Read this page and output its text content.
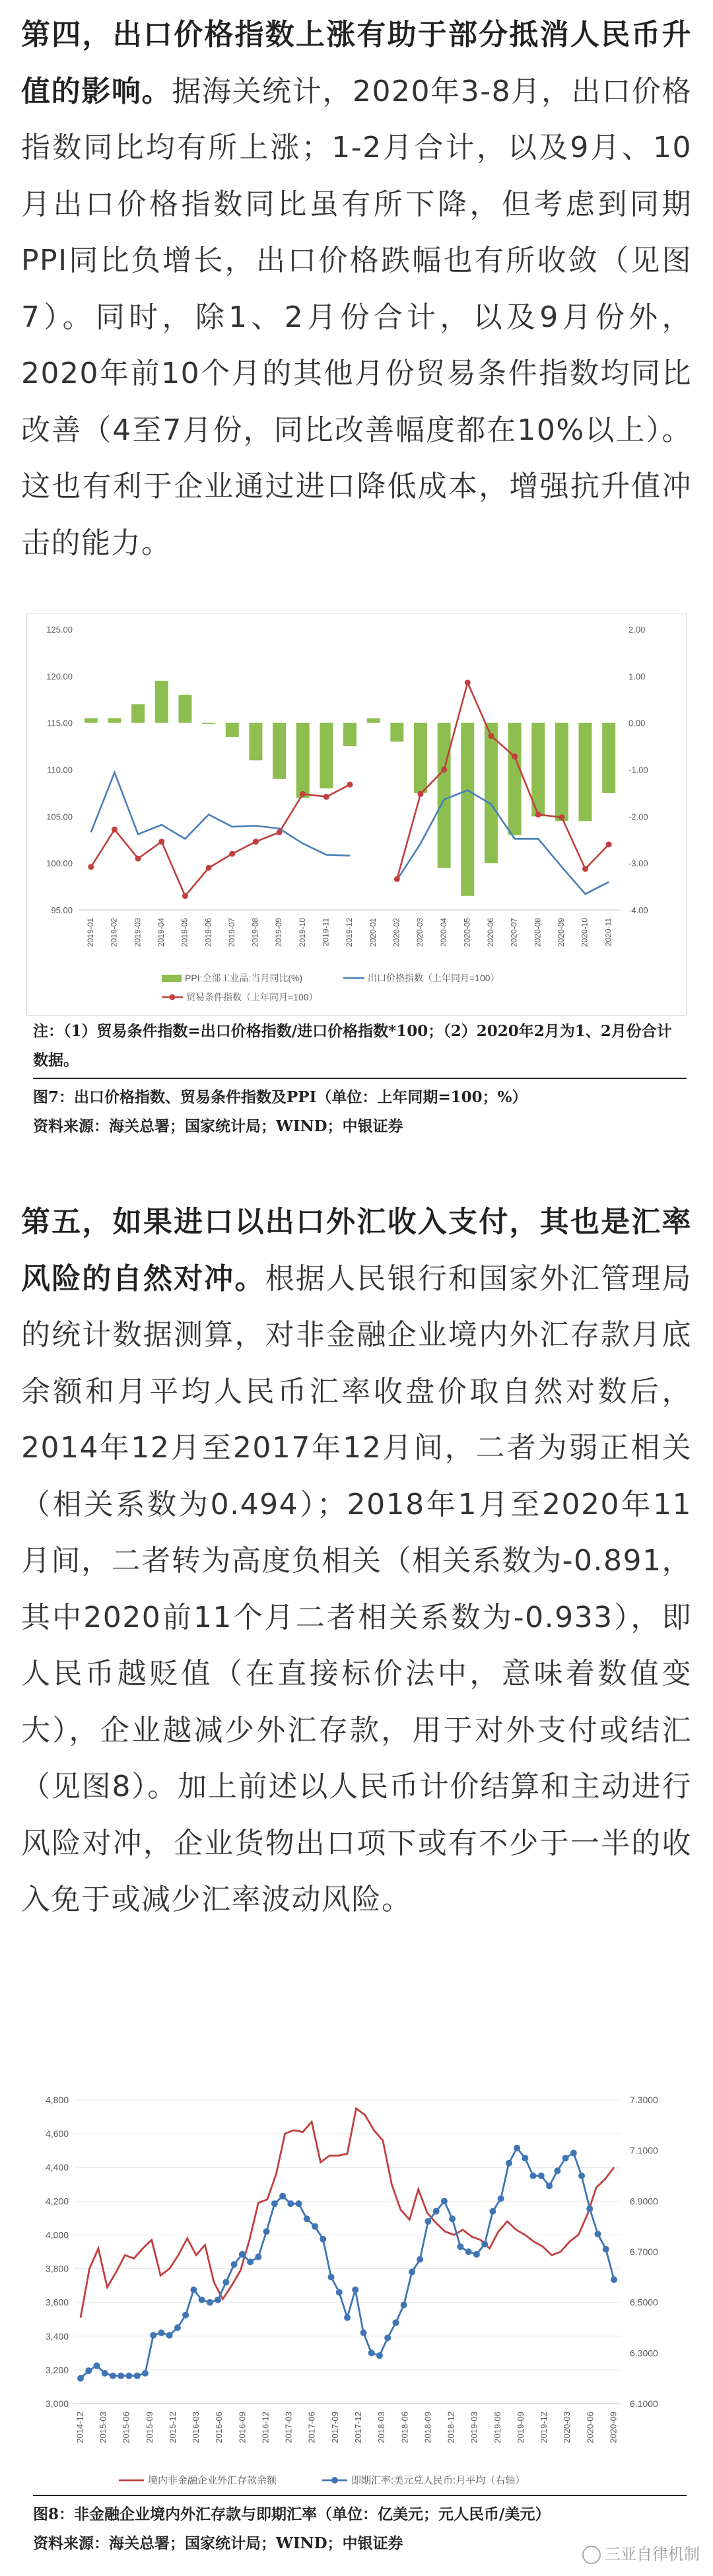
第四，出口价格指数上涨有助于部分抵消人民币升值的影响。据海关统计，2020年3-8月，出口价格指数同比均有所上涨；1-2月合计，以及9月、10月出口价格指数同比虽有所下降，但考虑到同期PPI同比负增长，出口价格跌幅也有所收敛（见图7）。同时，除1、2月份合计，以及9月份外，2020年前10个月的其他月份贸易条件指数均同比改善（4至7月份，同比改善幅度都在10%以上）。这也有利于企业通过进口降低成本，增强抗升值冲击的能力。

125.00
120.00
115.00
110.00
105.00
100.00
95.00
2.00
1.00
0.00
-1.00
-2.00
-3.00
-4.00
2019-01 2019-02 2019-03 2019-04 2019-05 2019-06 2019-07 2019-08 2019-09 2019-10 2019-11 2019-12 2020-01 2020-02 2020-03 2020-04 2020-05 2020-06 2020-07 2020-08 2020-09 2020-10 2020-11
PPI:全部工业品:当月同比(%)	出口价格指数（上年同月=100）
贸易条件指数（上年同月=100）

注：（1）贸易条件指数=出口价格指数/进口价格指数*100；（2）2020年2月为1、2月份合计数据。

图7：出口价格指数、贸易条件指数及PPI（单位：上年同期=100；%）

资料来源：海关总署；国家统计局；WIND；中银证券

第五，如果进口以出口外汇收入支付，其也是汇率风险的自然对冲。根据人民银行和国家外汇管理局的统计数据测算，对非金融企业境内外汇存款月底余额和月平均人民币汇率收盘价取自然对数后，2014年12月至2017年12月间，二者为弱正相关（相关系数为0.494）；2018年1月至2020年11月间，二者转为高度负相关（相关系数为-0.891，其中2020前11个月二者相关系数为-0.933），即人民币越贬值（在直接标价法中，意味着数值变大），企业越减少外汇存款，用于对外支付或结汇（见图8）。加上前述以人民币计价结算和主动进行风险对冲，企业货物出口项下或有不少于一半的收入免于或减少汇率波动风险。

4,800
4,600
4,400
4,200
4,000
3,800
3,600
3,400
3,200
3,000
7.3000
7.1000
6.9000
6.7000
6.5000
6.3000
6.1000
2014-12 2015-03 2015-06 2015-09 2015-12 2016-03 2016-06 2016-09 2016-12 2017-03 2017-06 2017-09 2017-12 2018-03 2018-06 2018-09 2018-12 2019-03 2019-06 2019-09 2019-12 2020-03 2020-06 2020-09
境内非金融企业外汇存款余额	即期汇率:美元兑人民币:月平均（右轴）

图8：非金融企业境内外汇存款与即期汇率（单位：亿美元；元人民币/美元）

资料来源：海关总署；国家统计局；WIND；中银证券

三亚自律机制
